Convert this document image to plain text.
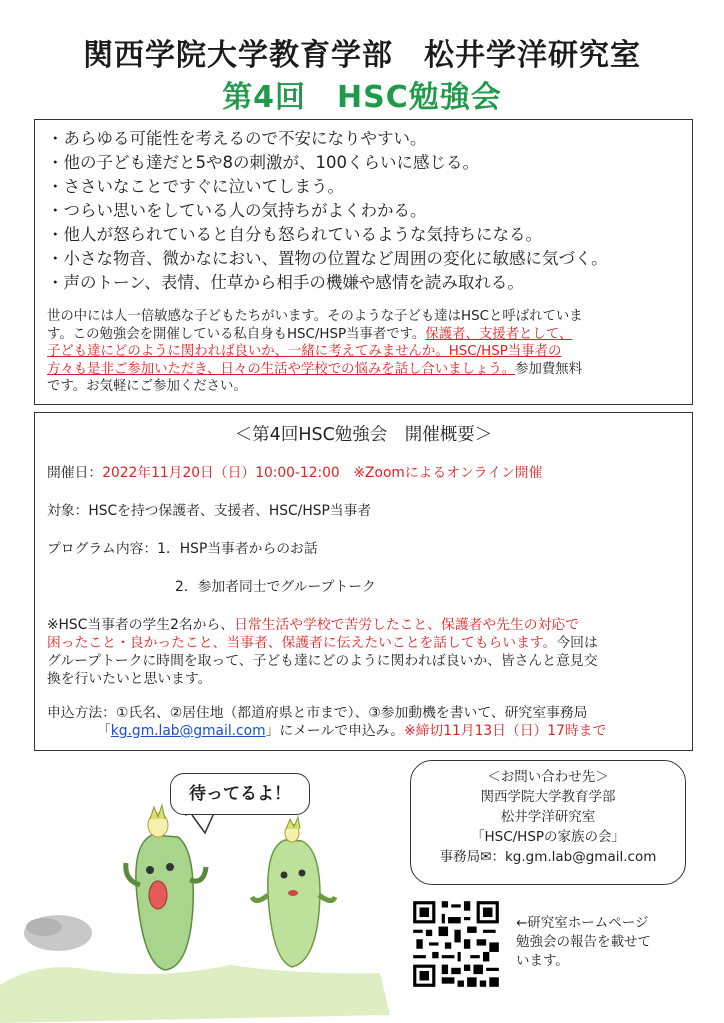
関西学院大学教育学部　松井学洋研究室
第4回　HSC勉強会
・あらゆる可能性を考えるので不安になりやすい。
・他の子ども達だと5や8の刺激が、100くらいに感じる。
・ささいなことですぐに泣いてしまう。
・つらい思いをしている人の気持ちがよくわかる。
・他人が怒られていると自分も怒られているような気持ちになる。
・小さな物音、微かなにおい、置物の位置など周囲の変化に敏感に気づく。
・声のトーン、表情、仕草から相手の機嫌や感情を読み取れる。
世の中には人一倍敏感な子どもたちがいます。そのような子ども達はHSCと呼ばれていま
す。この勉強会を開催している私自身もHSC/HSP当事者です。保護者、支援者として、
子ども達にどのように関われば良いか、一緒に考えてみませんか。HSC/HSP当事者の
方々も是非ご参加いただき、日々の生活や学校での悩みを話し合いましょう。参加費無料
です。お気軽にご参加ください。
＜第4回HSC勉強会　開催概要＞

開催日：2022年11月20日（日）10:00-12:00　※Zoomによるオンライン開催

対象：HSCを持つ保護者、支援者、HSC/HSP当事者

プログラム内容：1．HSP当事者からのお話

2．参加者同士でグループトーク

※HSC当事者の学生2名から、日常生活や学校で苦労したこと、保護者や先生の対応で

困ったこと・良かったこと、当事者、保護者に伝えたいことを話してもらいます。今回は

グループトークに時間を取って、子ども達にどのように関われば良いか、皆さんと意見交

換を行いたいと思います。

申込方法：①氏名、②居住地（都道府県と市まで）、③参加動機を書いて、研究室事務局

「kg.gm.lab@gmail.com」にメールで申込み。※締切11月13日（日）17時まで

待ってるよ！
＜お問い合わせ先＞
関西学院大学教育学部
松井学洋研究室
「HSC/HSPの家族の会」
事務局✉：kg.gm.lab@gmail.com
←研究室ホームページ
勉強会の報告を載せて
います。
